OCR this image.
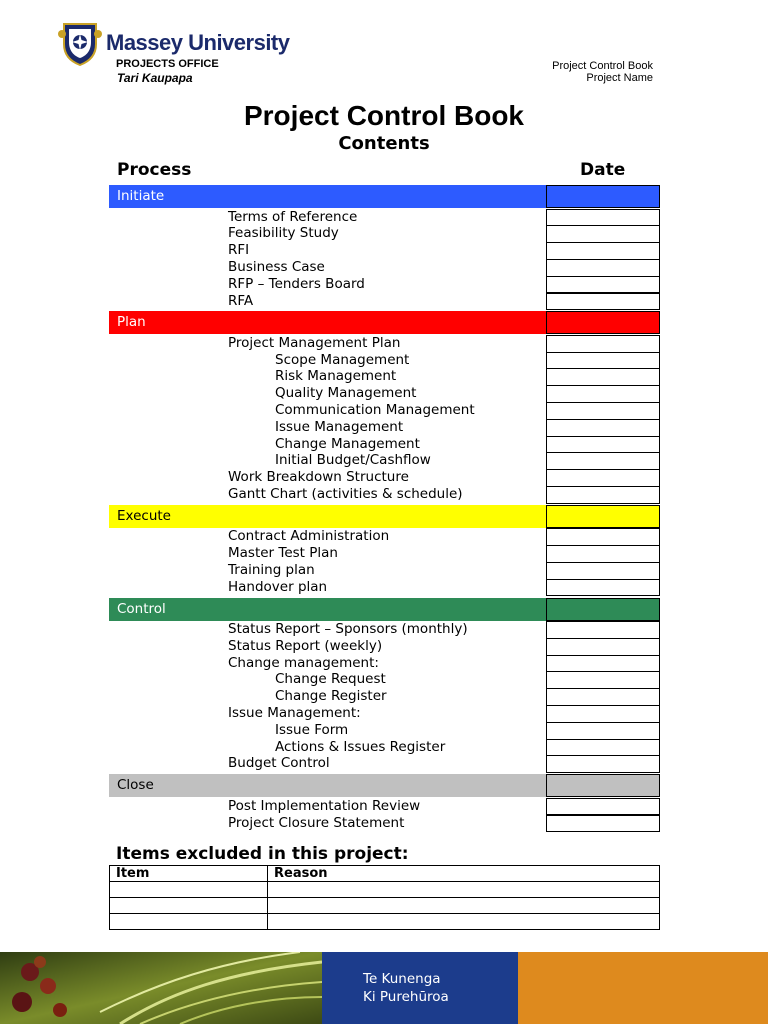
Massey University
PROJECTS OFFICE
Tari Kaupapa
Project Control Book
Project Name
Project Control Book
Contents
Process	Date
Initiate
Terms of Reference
Feasibility Study
RFI
Business Case
RFP – Tenders Board
RFA
Plan
Project Management Plan
Scope Management
Risk Management
Quality Management
Communication Management
Issue Management
Change Management
Initial Budget/Cashflow
Work Breakdown Structure
Gantt Chart (activities & schedule)
Execute
Contract Administration
Master Test Plan
Training plan
Handover plan
Control
Status Report – Sponsors (monthly)
Status Report (weekly)
Change management:
Change Request
Change Register
Issue Management:
Issue Form
Actions & Issues Register
Budget Control
Close
Post Implementation Review
Project Closure Statement
Items excluded in this project:
Item	Reason

Te Kunenga
Ki Purehūroa
